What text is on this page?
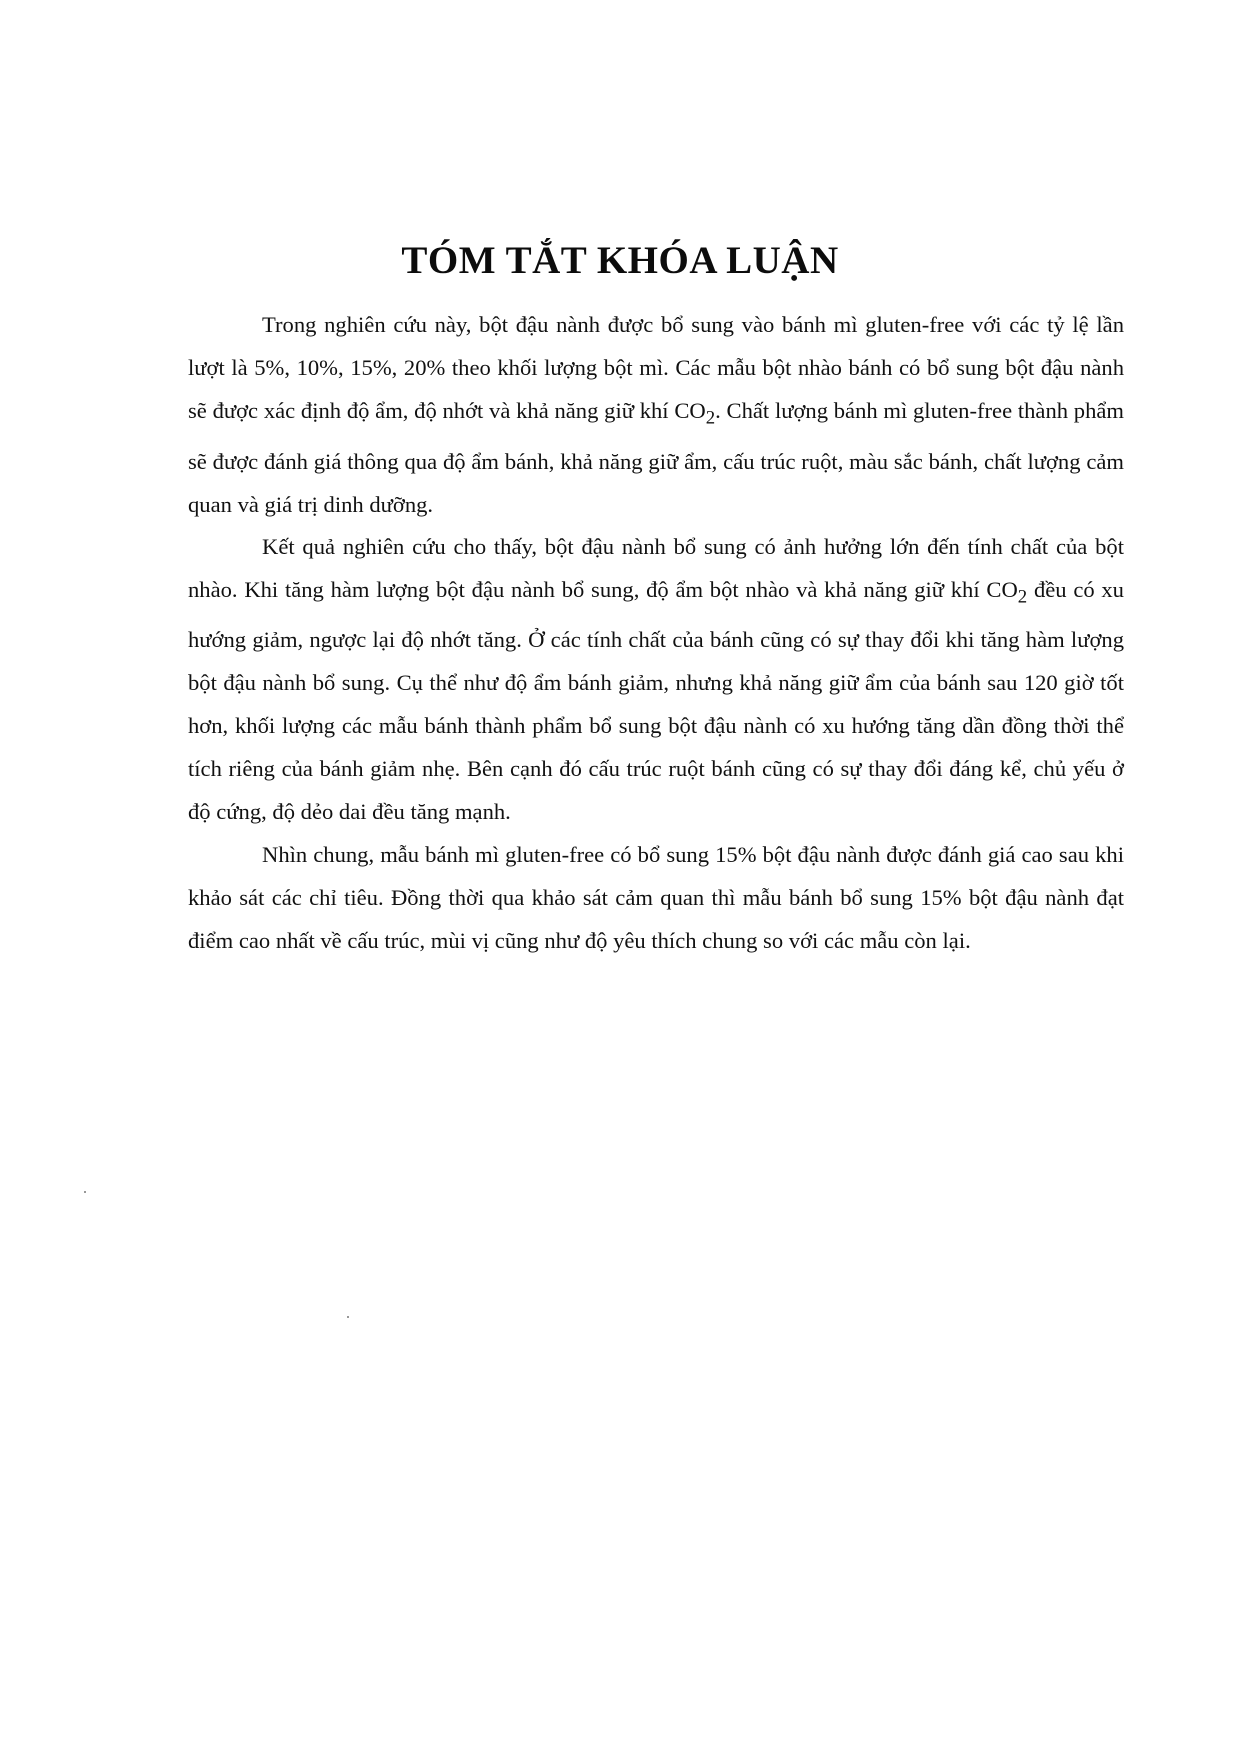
TÓM TẮT KHÓA LUẬN

Trong nghiên cứu này, bột đậu nành được bổ sung vào bánh mì gluten-free với các tỷ lệ lần lượt là 5%, 10%, 15%, 20% theo khối lượng bột mì. Các mẫu bột nhào bánh có bổ sung bột đậu nành sẽ được xác định độ ẩm, độ nhớt và khả năng giữ khí $CO_2$. Chất lượng bánh mì gluten-free thành phẩm sẽ được đánh giá thông qua độ ẩm bánh, khả năng giữ ẩm, cấu trúc ruột, màu sắc bánh, chất lượng cảm quan và giá trị dinh dưỡng.

Kết quả nghiên cứu cho thấy, bột đậu nành bổ sung có ảnh hưởng lớn đến tính chất của bột nhào. Khi tăng hàm lượng bột đậu nành bổ sung, độ ẩm bột nhào và khả năng giữ khí $CO_2$ đều có xu hướng giảm, ngược lại độ nhớt tăng. Ở các tính chất của bánh cũng có sự thay đổi khi tăng hàm lượng bột đậu nành bổ sung. Cụ thể như độ ẩm bánh giảm, nhưng khả năng giữ ẩm của bánh sau 120 giờ tốt hơn, khối lượng các mẫu bánh thành phẩm bổ sung bột đậu nành có xu hướng tăng dần đồng thời thể tích riêng của bánh giảm nhẹ. Bên cạnh đó cấu trúc ruột bánh cũng có sự thay đổi đáng kể, chủ yếu ở độ cứng, độ dẻo dai đều tăng mạnh.

Nhìn chung, mẫu bánh mì gluten-free có bổ sung 15% bột đậu nành được đánh giá cao sau khi khảo sát các chỉ tiêu. Đồng thời qua khảo sát cảm quan thì mẫu bánh bổ sung 15% bột đậu nành đạt điểm cao nhất về cấu trúc, mùi vị cũng như độ yêu thích chung so với các mẫu còn lại.
